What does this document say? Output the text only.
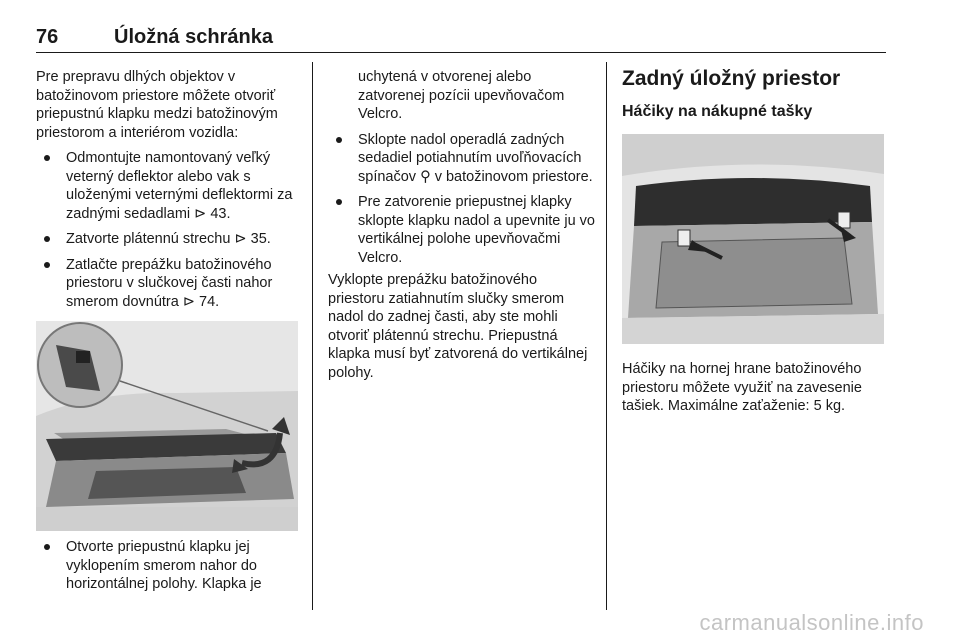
76	Úložná schránka

Pre prepravu dlhých objektov v batožinovom priestore môžete otvoriť priepustnú klapku medzi batožinovým priestorom a interiérom vozidla:

Odmontujte namontovaný veľký veterný deflektor alebo vak s uloženými veternými deflektormi za zadnými sedadlami ⊳ 43.
Zatvorte plátennú strechu ⊳ 35.
Zatlačte prepážku batožinového priestoru v slučkovej časti nahor smerom dovnútra ⊳ 74.
Otvorte priepustnú klapku jej vyklopením smerom nahor do horizontálnej polohy. Klapka je
uchytená v otvorenej alebo zatvorenej pozícii upevňovačom Velcro.
Sklopte nadol operadlá zadných sedadiel potiahnutím uvoľňovacích spínačov ⚲ v batožinovom priestore.
Pre zatvorenie priepustnej klapky sklopte klapku nadol a upevnite ju vo vertikálnej polohe upevňovačmi Velcro.

Vyklopte prepážku batožinového priestoru zatiahnutím slučky smerom nadol do zadnej časti, aby ste mohli otvoriť plátennú strechu. Priepustná klapka musí byť zatvorená do vertikálnej polohy.

Zadný úložný priestor
Háčiky na nákupné tašky

Háčiky na hornej hrane batožinového priestoru môžete využiť na zavesenie tašiek. Maximálne zaťaženie: 5 kg.

carmanualsonline.info
